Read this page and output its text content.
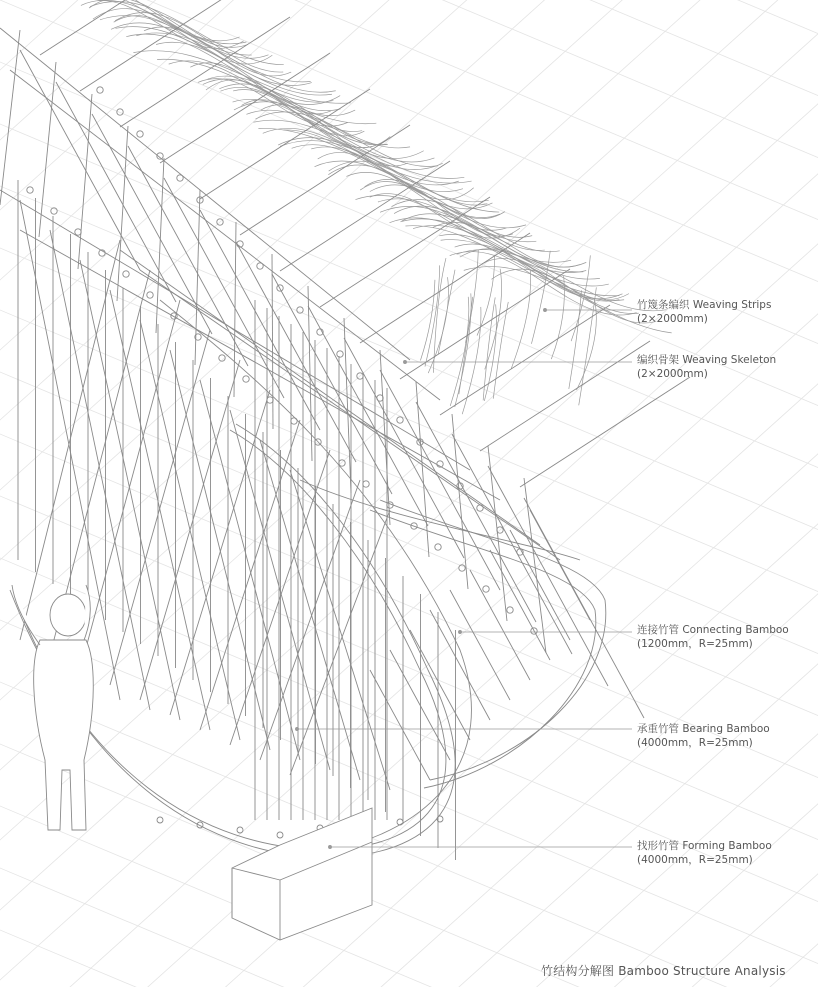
竹篾条编织 Weaving Strips
(2×2000mm)
编织骨架 Weaving Skeleton
(2×2000mm)
连接竹管 Connecting Bamboo
(1200mm，R=25mm)
承重竹管 Bearing Bamboo
(4000mm，R=25mm)
找形竹管 Forming Bamboo
(4000mm，R=25mm)
竹结构分解图 Bamboo Structure Analysis
